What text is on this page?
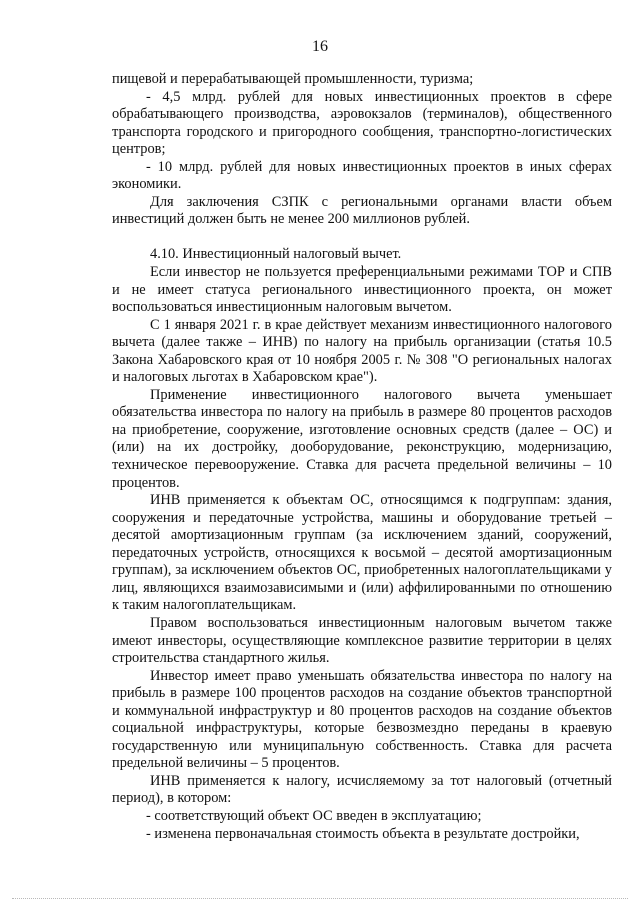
16

пищевой и перерабатывающей промышленности, туризма;

- 4,5 млрд. рублей для новых инвестиционных проектов в сфере обрабатывающего производства, аэровокзалов (терминалов), общественного транспорта городского и пригородного сообщения, транспортно-логистических центров;

- 10 млрд. рублей для новых инвестиционных проектов в иных сферах экономики.

Для заключения СЗПК с региональными органами власти объем инвестиций должен быть не менее 200 миллионов рублей.

4.10. Инвестиционный налоговый вычет.

Если инвестор не пользуется преференциальными режимами ТОР и СПВ и не имеет статуса регионального инвестиционного проекта, он может воспользоваться инвестиционным налоговым вычетом.

С 1 января 2021 г. в крае действует механизм инвестиционного налогового вычета (далее также – ИНВ) по налогу на прибыль организации (статья 10.5 Закона Хабаровского края от 10 ноября 2005 г. № 308 "О региональных налогах и налоговых льготах в Хабаровском крае").

Применение инвестиционного налогового вычета уменьшает обязательства инвестора по налогу на прибыль в размере 80 процентов расходов на приобретение, сооружение, изготовление основных средств (далее – ОС) и (или) на их достройку, дооборудование, реконструкцию, модернизацию, техническое перевооружение. Ставка для расчета предельной величины – 10 процентов.

ИНВ применяется к объектам ОС, относящимся к подгруппам: здания, сооружения и передаточные устройства, машины и оборудование третьей – десятой амортизационным группам (за исключением зданий, сооружений, передаточных устройств, относящихся к восьмой – десятой амортизационным группам), за исключением объектов ОС, приобретенных налогоплательщиками у лиц, являющихся взаимозависимыми и (или) аффилированными по отношению к таким налогоплательщикам.

Правом воспользоваться инвестиционным налоговым вычетом также имеют инвесторы, осуществляющие комплексное развитие территории в целях строительства стандартного жилья.

Инвестор имеет право уменьшать обязательства инвестора по налогу на прибыль в размере 100 процентов расходов на создание объектов транспортной и коммунальной инфраструктур и 80 процентов расходов на создание объектов социальной инфраструктуры, которые безвозмездно переданы в краевую государственную или муниципальную собственность. Ставка для расчета предельной величины – 5 процентов.

ИНВ применяется к налогу, исчисляемому за тот налоговый (отчетный период), в котором:

- соответствующий объект ОС введен в эксплуатацию;

- изменена первоначальная стоимость объекта в результате достройки,
